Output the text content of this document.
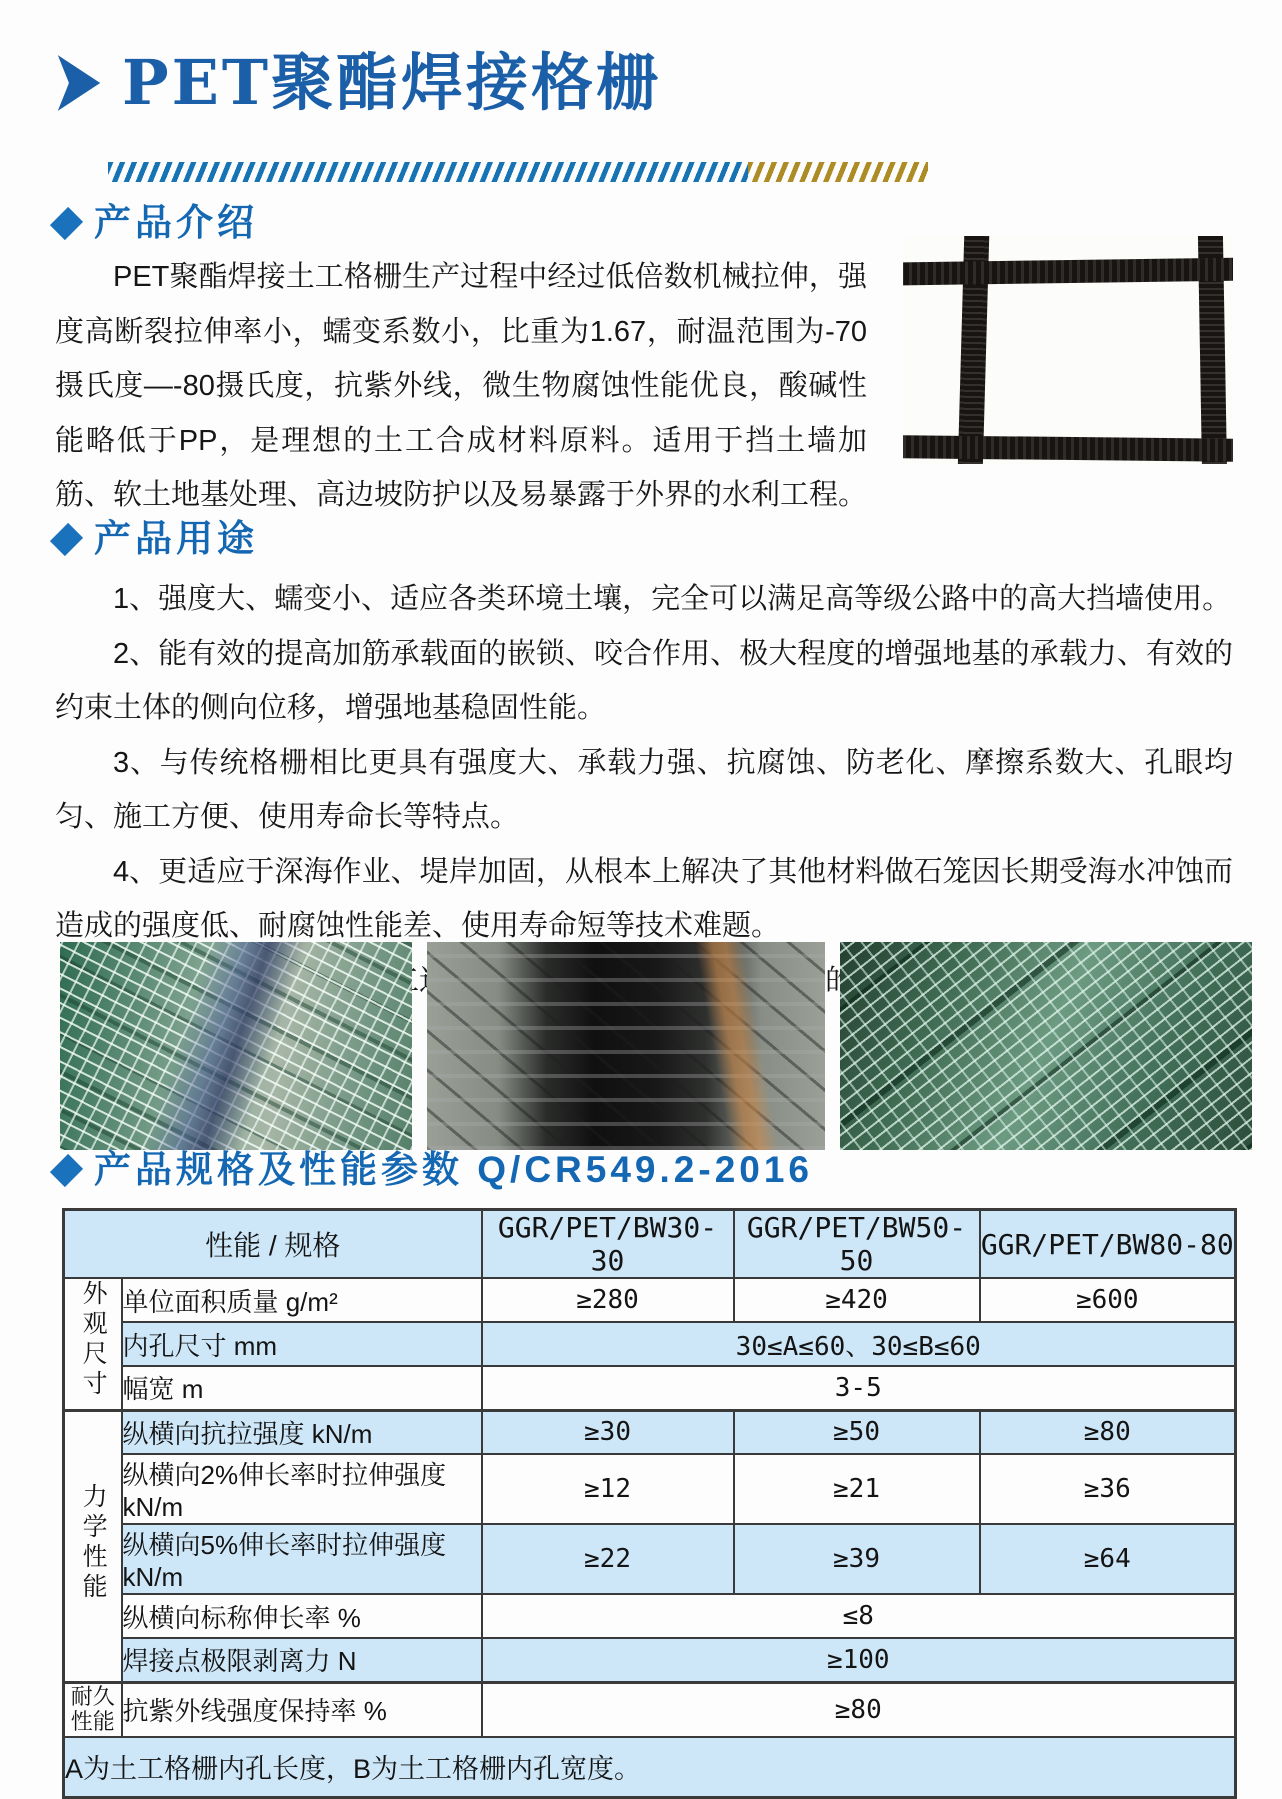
PET聚酯焊接格栅
产品介绍

PET聚酯焊接土工格栅生产过程中经过低倍数机械拉伸，强度高断裂拉伸率小，蠕变系数小，比重为1.67，耐温范围为-70摄氏度—-80摄氏度，抗紫外线，微生物腐蚀性能优良，酸碱性能略低于PP，是理想的土工合成材料原料。适用于挡土墙加筋、软土地基处理、高边坡防护以及易暴露于外界的水利工程。

产品用途

1、强度大、蠕变小、适应各类环境土壤，完全可以满足高等级公路中的高大挡墙使用。

2、能有效的提高加筋承载面的嵌锁、咬合作用、极大程度的增强地基的承载力、有效的约束土体的侧向位移，增强地基稳固性能。

3、与传统格栅相比更具有强度大、承载力强、抗腐蚀、防老化、摩擦系数大、孔眼均匀、施工方便、使用寿命长等特点。

4、更适应于深海作业、堤岸加固，从根本上解决了其他材料做石笼因长期受海水冲蚀而造成的强度低、耐腐蚀性能差、使用寿命短等技术难题。

产品规格及性能参数 Q/CR549.2-2016
性能 / 规格		GGR/PET/BW30-30	GGR/PET/BW50-50	GGR/PET/BW80-80
外观尺寸	单位面积质量 g/m²	≥280	≥420	≥600
	内孔尺寸 mm	30≤A≤60、30≤B≤60		
	幅宽 m	3-5		
力学性能	纵横向抗拉强度 kN/m	≥30	≥50	≥80
	纵横向2%伸长率时拉伸强度 kN/m	≥12	≥21	≥36
	纵横向5%伸长率时拉伸强度 kN/m	≥22	≥39	≥64
	纵横向标称伸长率 %	≤8		
	焊接点极限剥离力 N	≥100		
耐久性能	抗紫外线强度保持率 %	≥80		
A为土工格栅内孔长度，B为土工格栅内孔宽度。				
